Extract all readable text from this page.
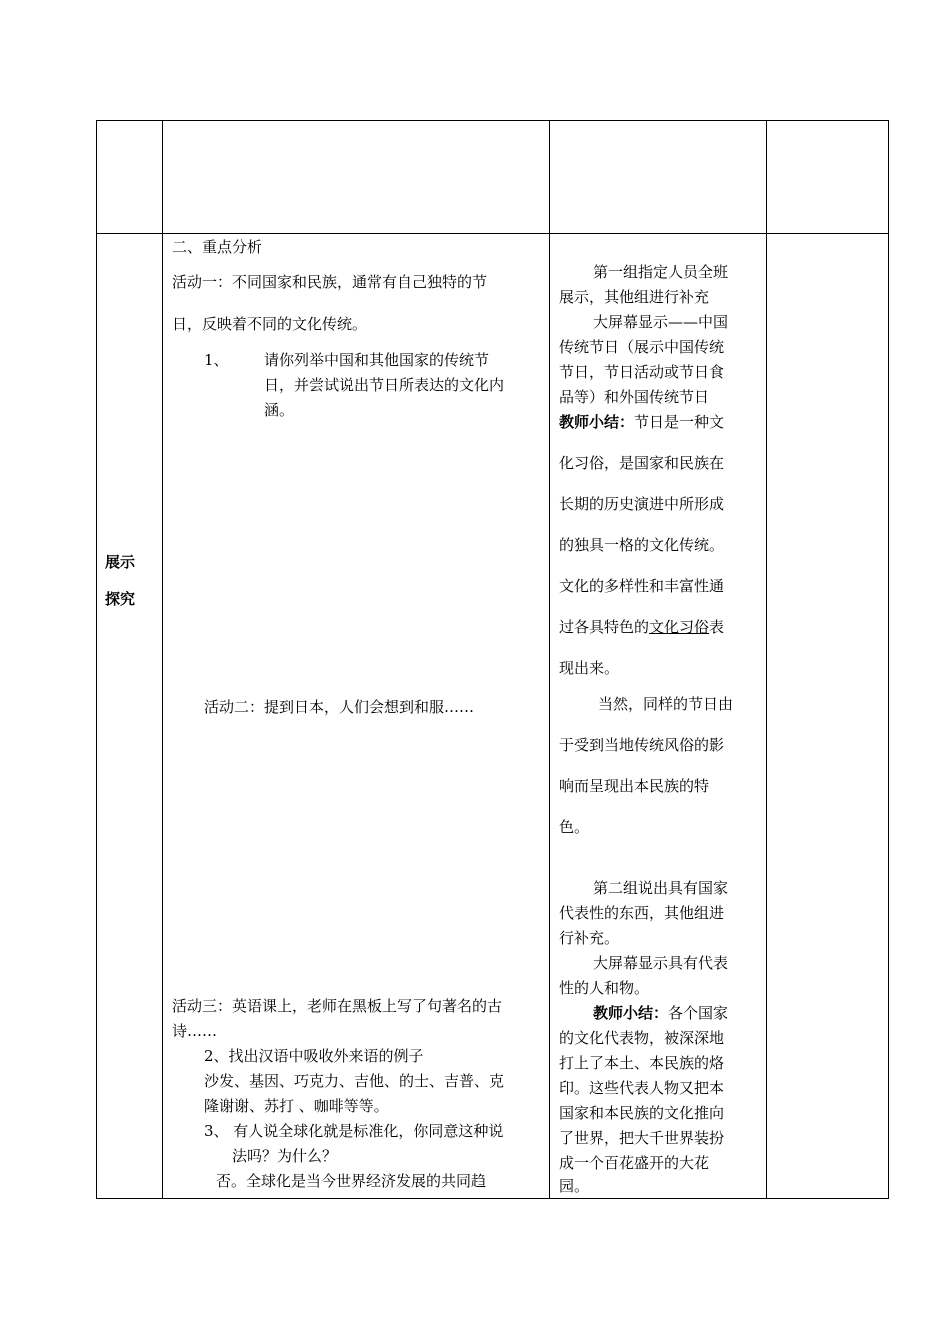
展示
探究
二、重点分析
活动一：不同国家和民族，通常有自己独特的节
日，反映着不同的文化传统。
1、 请你列举中国和其他国家的传统节
日，并尝试说出节日所表达的文化内
涵。
活动二：提到日本，人们会想到和服……
活动三：英语课上，老师在黑板上写了句著名的古
诗……
2、找出汉语中吸收外来语的例子
沙发、基因、巧克力、吉他、的士、吉普、克
隆谢谢、苏打 、咖啡等等。
3、 有人说全球化就是标准化，你同意这种说
法吗？为什么？
否。全球化是当今世界经济发展的共同趋
第一组指定人员全班
展示，其他组进行补充
大屏幕显示——中国
传统节日（展示中国传统
节日，节日活动或节日食
品等）和外国传统节日
教师小结：节日是一种文
化习俗，是国家和民族在
长期的历史演进中所形成
的独具一格的文化传统。
文化的多样性和丰富性通
过各具特色的文化习俗表
现出来。
当然，同样的节日由
于受到当地传统风俗的影
响而呈现出本民族的特
色。
第二组说出具有国家
代表性的东西，其他组进
行补充。
大屏幕显示具有代表
性的人和物。
教师小结：各个国家
的文化代表物，被深深地
打上了本土、本民族的烙
印。这些代表人物又把本
国家和本民族的文化推向
了世界，把大千世界装扮
成一个百花盛开的大花
园。
